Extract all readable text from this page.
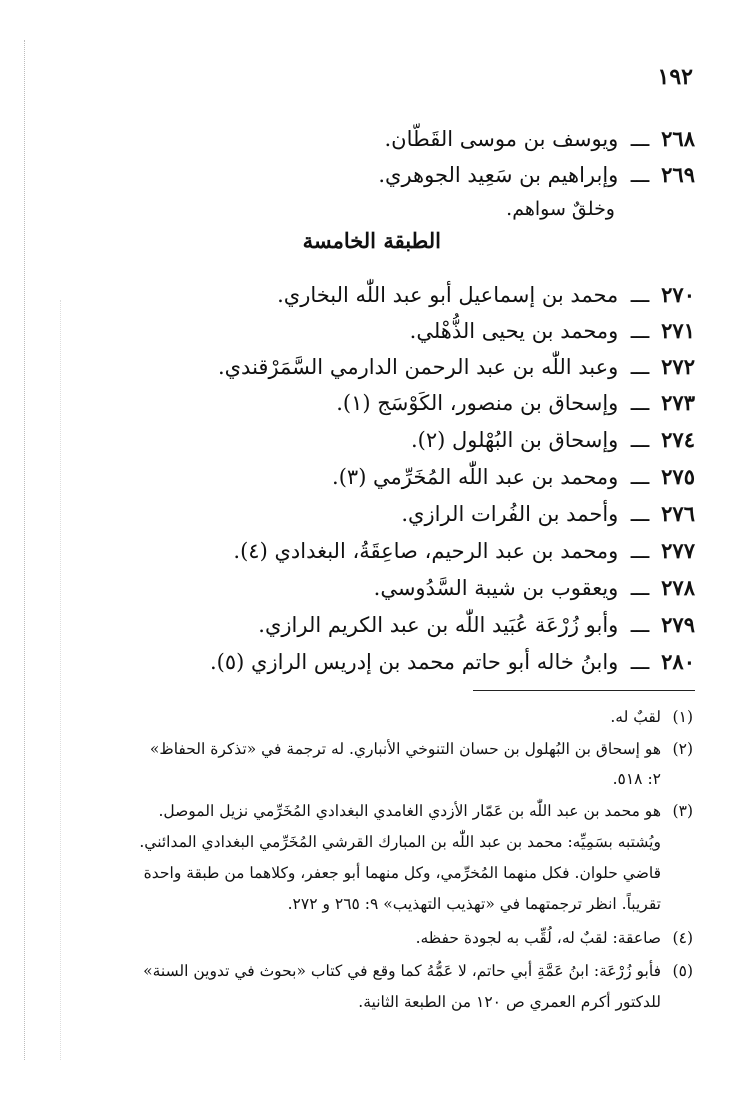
١٩٢
٢٦٨ـــ ويوسف بن موسى القَطّان.
٢٦٩ـــ وإبراهيم بن سَعِيد الجوهري.
وخلقٌ سواهم.
الطبقة الخامسة
٢٧٠ـــ محمد بن إسماعيل أبو عبد اللّٰه البخاري.
٢٧١ـــ ومحمد بن يحيى الذُّهْلي.
٢٧٢ـــ وعبد اللّٰه بن عبد الرحمن الدارمي السَّمَرْقندي.
٢٧٣ـــ وإسحاق بن منصور، الكَوْسَج (١).
٢٧٤ـــ وإسحاق بن البُهْلول (٢).
٢٧٥ـــ ومحمد بن عبد اللّٰه المُخَرِّمي (٣).
٢٧٦ـــ وأحمد بن الفُرات الرازي.
٢٧٧ـــ ومحمد بن عبد الرحيم، صاعِقَةُ، البغدادي (٤).
٢٧٨ـــ ويعقوب بن شيبة السَّدُوسي.
٢٧٩ـــ وأبو زُرْعَة عُبَيد اللّٰه بن عبد الكريم الرازي.
٢٨٠ـــ وابنُ خاله أبو حاتم محمد بن إدريس الرازي (٥).
(١)لقبٌ له.
(٢)هو إسحاق بن البُهلول بن حسان التنوخي الأنباري. له ترجمة في «تذكرة الحفاظ»
٢: ٥١٨.
(٣)هو محمد بن عبد اللّٰه بن عَمّار الأزدي الغامدي البغدادي المُخَرِّمي نزيل الموصل.
ويُشتبه بسَمِيِّه: محمد بن عبد اللّٰه بن المبارك القرشي المُخَرِّمي البغدادي المدائني.
قاضي حلوان. فكل منهما المُخرِّمي، وكل منهما أبو جعفر، وكلاهما من طبقة واحدة
تقريباً. انظر ترجمتهما في «تهذيب التهذيب» ٩: ٢٦٥ و ٢٧٢.
(٤)صاعقة: لقبٌ له، لُقِّب به لجودة حفظه.
(٥)فأبو زُرْعَة: ابنُ عَمَّةِ أبي حاتم، لا عَمُّهُ كما وقع في كتاب «بحوث في تدوين السنة»
للدكتور أكرم العمري ص ١٢٠ من الطبعة الثانية.
